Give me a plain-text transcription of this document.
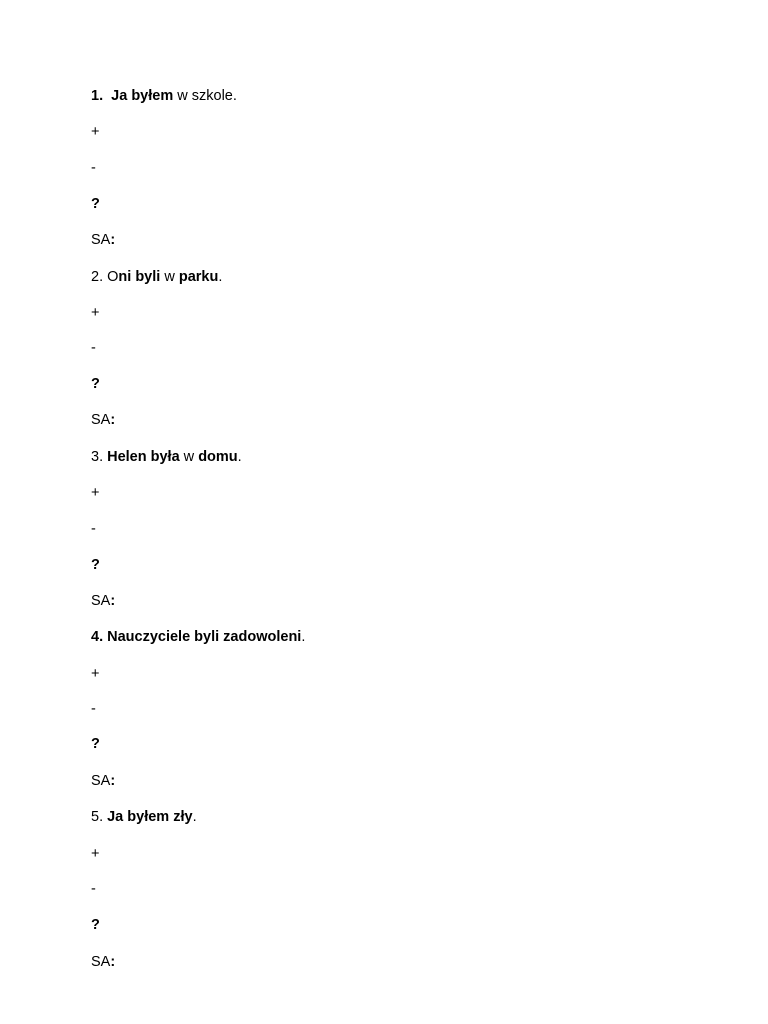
1. Ja byłem w szkole.
+
-
?
SA:
2. Oni byli w parku.
+
-
?
SA:
3. Helen była w domu.
+
-
?
SA:
4. Nauczyciele byli zadowoleni.
+
-
?
SA:
5. Ja byłem zły.
+
-
?
SA:
